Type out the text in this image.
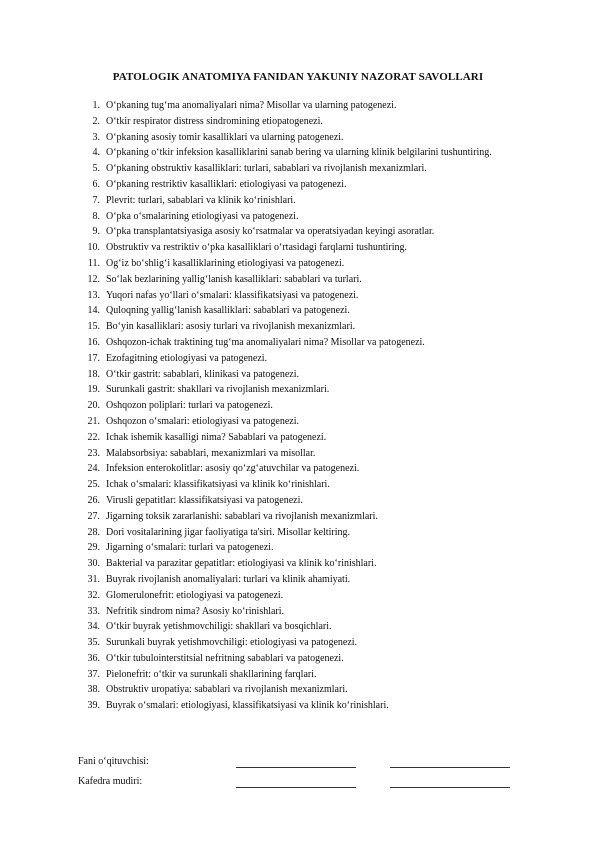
PATOLOGIK ANATOMIYA FANIDAN YAKUNIY NAZORAT SAVOLLARI
1. O‘pkaning tug‘ma anomaliyalari nima? Misollar va ularning patogenezi.
2. O‘tkir respirator distress sindromining etiopatogenezi.
3. O‘pkaning asosiy tomir kasalliklari va ularning patogenezi.
4. O‘pkaning o‘tkir infeksion kasalliklarini sanab bering va ularning klinik belgilarini tushuntiring.
5. O‘pkaning obstruktiv kasalliklari: turlari, sabablari va rivojlanish mexanizmlari.
6. O‘pkaning restriktiv kasalliklari: etiologiyasi va patogenezi.
7. Plevrit: turlari, sabablari va klinik ko‘rinishlari.
8. O‘pka o‘smalarining etiologiyasi va patogenezi.
9. O‘pka transplantatsiyasiga asosiy ko‘rsatmalar va operatsiyadan keyingi asoratlar.
10. Obstruktiv va restriktiv o‘pka kasalliklari o‘rtasidagi farqlarni tushuntiring.
11. Og‘iz bo‘shlig‘i kasalliklarining etiologiyasi va patogenezi.
12. So‘lak bezlarining yallig‘lanish kasalliklari: sabablari va turlari.
13. Yuqori nafas yo‘llari o‘smalari: klassifikatsiyasi va patogenezi.
14. Quloqning yallig‘lanish kasalliklari: sabablari va patogenezi.
15. Bo‘yin kasalliklari: asosiy turlari va rivojlanish mexanizmlari.
16. Oshqozon-ichak traktining tug‘ma anomaliyalari nima? Misollar va patogenezi.
17. Ezofagitning etiologiyasi va patogenezi.
18. O‘tkir gastrit: sabablari, klinikasi va patogenezi.
19. Surunkali gastrit: shakllari va rivojlanish mexanizmlari.
20. Oshqozon poliplari: turlari va patogenezi.
21. Oshqozon o‘smalari: etiologiyasi va patogenezi.
22. Ichak ishemik kasalligi nima? Sabablari va patogenezi.
23. Malabsorbsiya: sabablari, mexanizmlari va misollar.
24. Infeksion enterokolitlar: asosiy qo‘zg‘atuvchilar va patogenezi.
25. Ichak o‘smalari: klassifikatsiyasi va klinik ko‘rinishlari.
26. Virusli gepatitlar: klassifikatsiyasi va patogenezi.
27. Jigarning toksik zararlanishi: sabablari va rivojlanish mexanizmlari.
28. Dori vositalarining jigar faoliyatiga ta'siri. Misollar keltiring.
29. Jigarning o‘smalari: turlari va patogenezi.
30. Bakterial va parazitar gepatitlar: etiologiyasi va klinik ko‘rinishlari.
31. Buyrak rivojlanish anomaliyalari: turlari va klinik ahamiyati.
32. Glomerulonefrit: etiologiyasi va patogenezi.
33. Nefritik sindrom nima? Asosiy ko‘rinishlari.
34. O‘tkir buyrak yetishmovchiligi: shakllari va bosqichlari.
35. Surunkali buyrak yetishmovchiligi: etiologiyasi va patogenezi.
36. O‘tkir tubulointerstitsial nefritning sabablari va patogenezi.
37. Pielonefrit: o‘tkir va surunkali shakllarining farqlari.
38. Obstruktiv uropatiya: sabablari va rivojlanish mexanizmlari.
39. Buyrak o‘smalari: etiologiyasi, klassifikatsiyasi va klinik ko‘rinishlari.
Fani o‘qituvchisi:
Kafedra mudiri:
